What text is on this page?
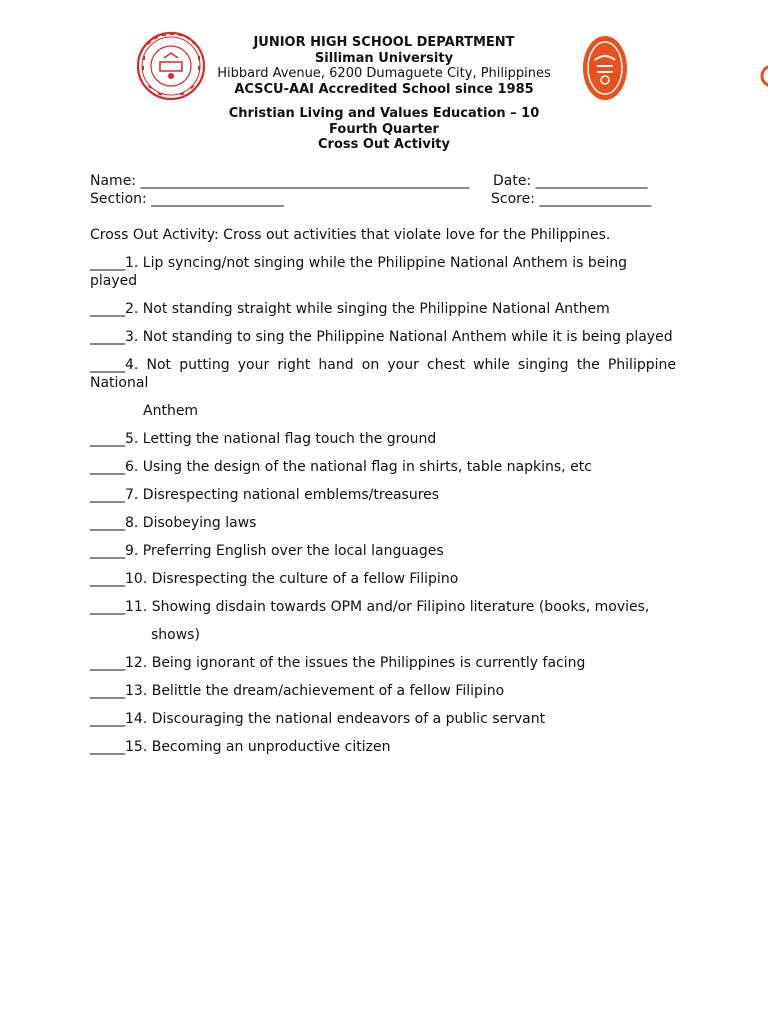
JUNIOR HIGH SCHOOL DEPARTMENT
Silliman University
Hibbard Avenue, 6200 Dumaguete City, Philippines
ACSCU-AAI Accredited School since 1985
Christian Living and Values Education – 10
Fourth Quarter
Cross Out Activity
Name: _______________________________________________ Date: ________________
Section: ___________________	Score: ________________

Cross Out Activity: Cross out activities that violate love for the Philippines.

_____1. Lip syncing/not singing while the Philippine National Anthem is being played

_____2. Not standing straight while singing the Philippine National Anthem

_____3. Not standing to sing the Philippine National Anthem while it is being played

_____4. Not putting your right hand on your chest while singing the Philippine

National

Anthem

_____5. Letting the national flag touch the ground

_____6. Using the design of the national flag in shirts, table napkins, etc

_____7. Disrespecting national emblems/treasures

_____8. Disobeying laws

_____9. Preferring English over the local languages

_____10. Disrespecting the culture of a fellow Filipino

_____11. Showing disdain towards OPM and/or Filipino literature (books, movies,

shows)

_____12. Being ignorant of the issues the Philippines is currently facing

_____13. Belittle the dream/achievement of a fellow Filipino

_____14. Discouraging the national endeavors of a public servant

_____15. Becoming an unproductive citizen
